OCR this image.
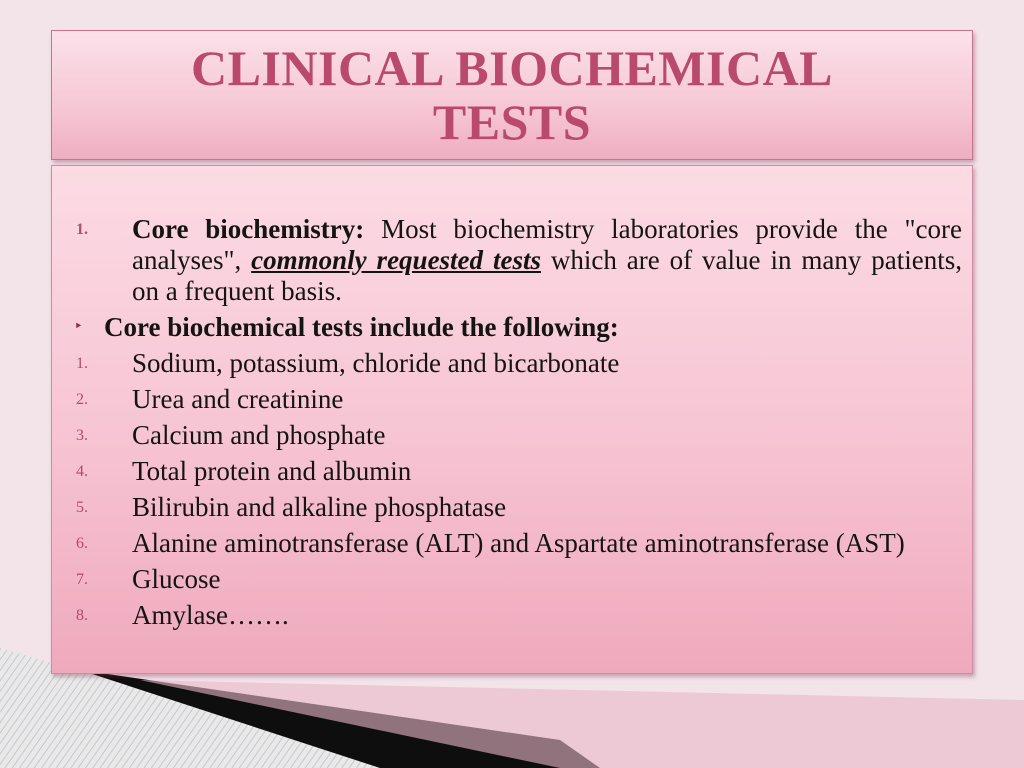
CLINICAL BIOCHEMICAL TESTS
1. Core biochemistry: Most biochemistry laboratories provide the "core analyses", commonly requested tests which are of value in many patients, on a frequent basis.
‣ Core biochemical tests include the following:
1. Sodium, potassium, chloride and bicarbonate
2. Urea and creatinine
3. Calcium and phosphate
4. Total protein and albumin
5. Bilirubin and alkaline phosphatase
6. Alanine aminotransferase (ALT) and Aspartate aminotransferase (AST)
7. Glucose
8. Amylase…….
